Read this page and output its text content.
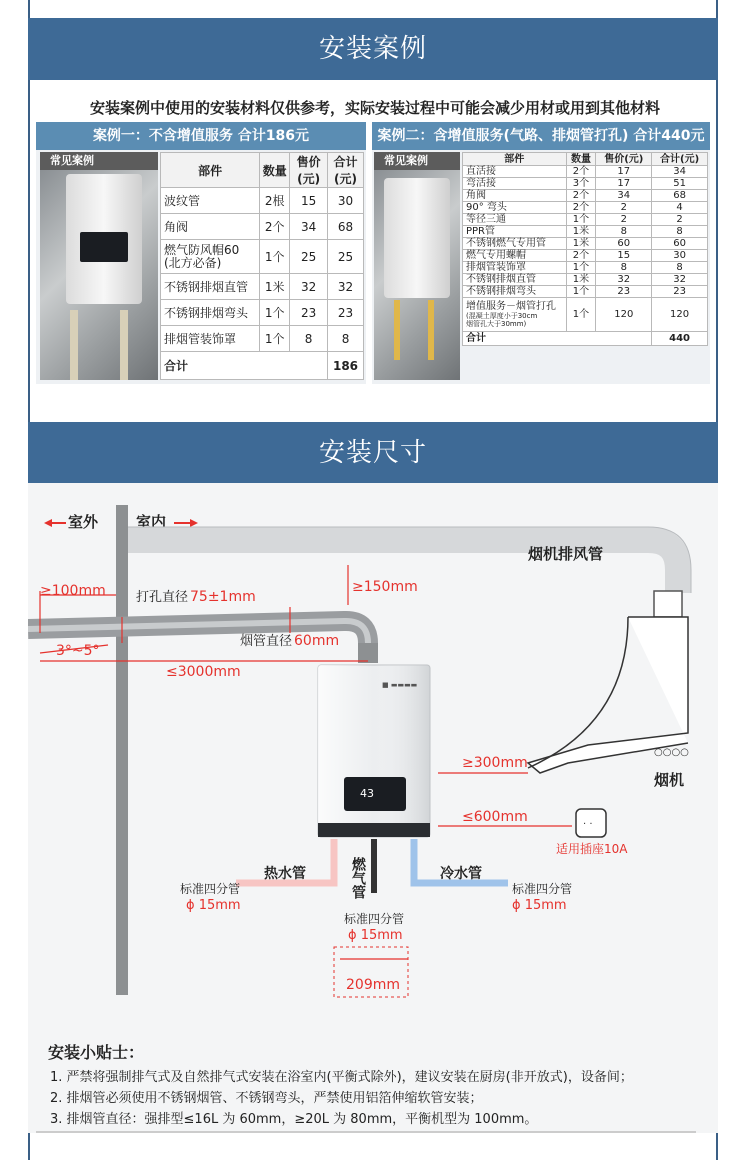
安装案例
安装案例中使用的安装材料仅供参考，实际安装过程中可能会减少用材或用到其他材料
案例一：不含增值服务 合计186元
常见案例
部件	数量	售价(元)	合计(元)
波纹管	2根	15	30
角阀	2个	34	68
燃气防风帽60
(北方必备)	1个	25	25
不锈钢排烟直管	1米	32	32
不锈钢排烟弯头	1个	23	23
排烟管装饰罩	1个	8	8
合计			186
案例二：含增值服务(气路、排烟管打孔) 合计440元
常见案例	部件	数量	售价(元)	合计(元)
直活接	2个	17	34
弯活接	3个	17	51
角阀	2个	34	68
90° 弯头	2个	2	4
等径三通	1个	2	2
PPR管	1米	8	8
不锈钢燃气专用管	1米	60	60
燃气专用螺帽	2个	15	30
排烟管装饰罩	1个	8	8
不锈钢排烟直管	1米	32	32
不锈钢排烟弯头	1个	23	23

增值服务－烟管打孔
(混凝土厚度小于30cm
烟管孔大于30mm)	1个	120	120
合计			440
安装尺寸
室外	室内
烟机排风管
○○○○
烟机
≥100mm 打孔直径 75±1mm
≥150mm
烟管直径 60mm
3°~5°
≤3000mm
■ ▬▬▬▬
43
燃气管
热水管	冷水管
标准四分管
ϕ 15mm
标准四分管
ϕ 15mm
标准四分管
ϕ 15mm
209mm
≥300mm
≤600mm	· ·
适用插座10A
安装小贴士：
1. 严禁将强制排气式及自然排气式安装在浴室内(平衡式除外)，建议安装在厨房(非开放式)，设备间；
2. 排烟管必须使用不锈钢烟管、不锈钢弯头，严禁使用铝箔伸缩软管安装；
3. 排烟管直径：强排型≤16L 为 60mm，≥20L 为 80mm，平衡机型为 100mm。
